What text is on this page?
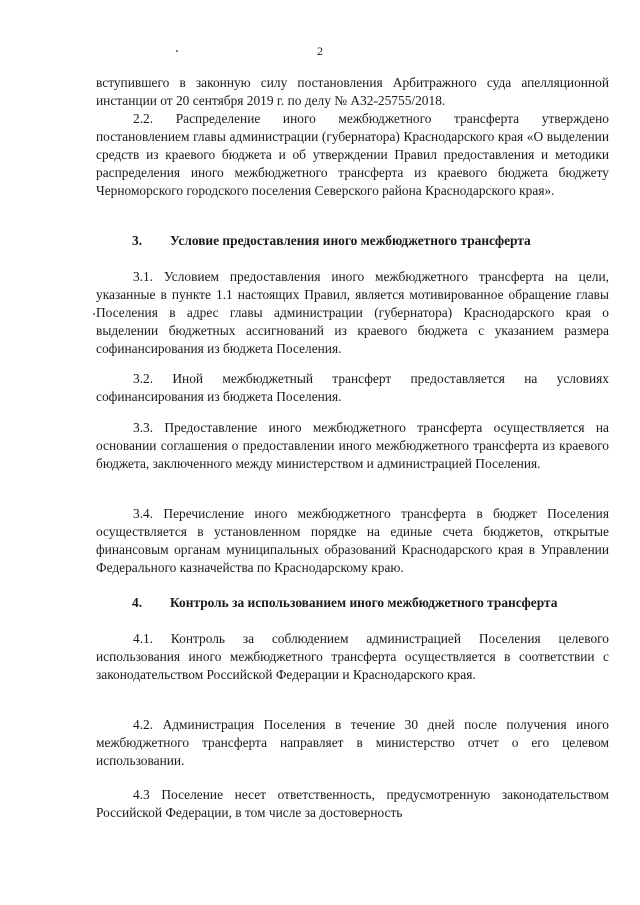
2

вступившего в законную силу постановления Арбитражного суда апелляционной инстанции от 20 сентября 2019 г. по делу № А32-25755/2018.

2.2. Распределение иного межбюджетного трансферта утверждено постановлением главы администрации (губернатора) Краснодарского края «О выделении средств из краевого бюджета и об утверждении Правил предоставления и методики распределения иного межбюджетного трансферта из краевого бюджета бюджету Черноморского городского поселения Северского района Краснодарского края».

3. Условие предоставления иного межбюджетного трансферта

3.1. Условием предоставления иного межбюджетного трансферта на цели, указанные в пункте 1.1 настоящих Правил, является мотивированное обращение главы Поселения в адрес главы администрации (губернатора) Краснодарского края о выделении бюджетных ассигнований из краевого бюджета с указанием размера софинансирования из бюджета Поселения.

3.2. Иной межбюджетный трансферт предоставляется на условиях софинансирования из бюджета Поселения.

3.3. Предоставление иного межбюджетного трансферта осуществляется на основании соглашения о предоставлении иного межбюджетного трансферта из краевого бюджета, заключенного между министерством и администрацией Поселения.

3.4. Перечисление иного межбюджетного трансферта в бюджет Поселения осуществляется в установленном порядке на единые счета бюджетов, открытые финансовым органам муниципальных образований Краснодарского края в Управлении Федерального казначейства по Краснодарскому краю.

4. Контроль за использованием иного межбюджетного трансферта

4.1. Контроль за соблюдением администрацией Поселения целевого использования иного межбюджетного трансферта осуществляется в соответствии с законодательством Российской Федерации и Краснодарского края.

4.2. Администрация Поселения в течение 30 дней после получения иного межбюджетного трансферта направляет в министерство отчет о его целевом использовании.

4.3 Поселение несет ответственность, предусмотренную законодательством Российской Федерации, в том числе за достоверность
